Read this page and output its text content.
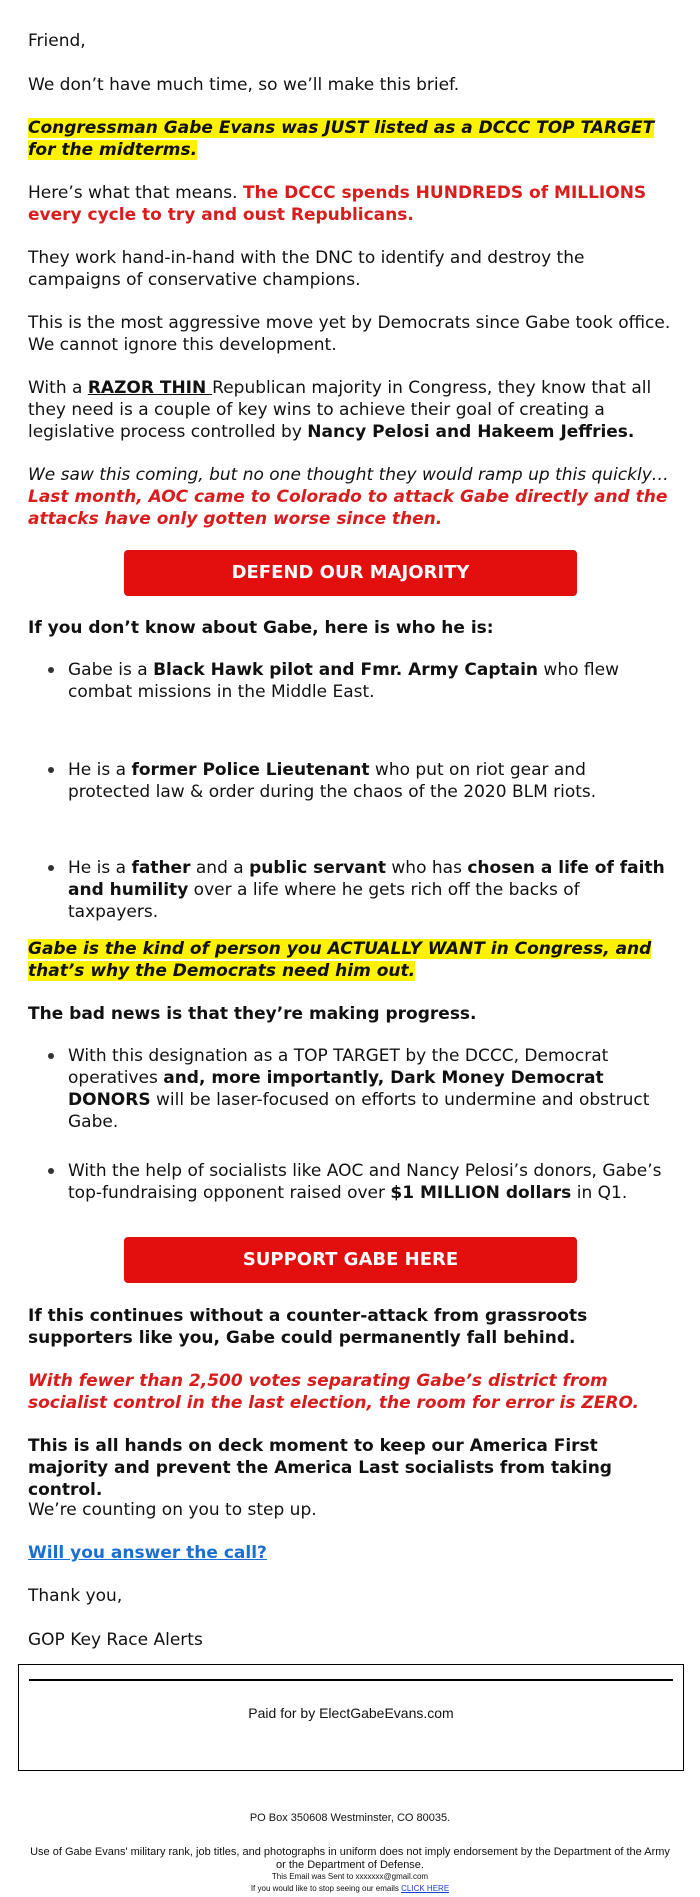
Friend,

We don’t have much time, so we’ll make this brief.

Congressman Gabe Evans was JUST listed as a DCCC TOP TARGET for the midterms.

Here’s what that means. The DCCC spends HUNDREDS of MILLIONS every cycle to try and oust Republicans.

They work hand-in-hand with the DNC to identify and destroy the campaigns of conservative champions.

This is the most aggressive move yet by Democrats since Gabe took office. We cannot ignore this development.

With a RAZOR THIN Republican majority in Congress, they know that all they need is a couple of key wins to achieve their goal of creating a legislative process controlled by Nancy Pelosi and Hakeem Jeffries.

We saw this coming, but no one thought they would ramp up this quickly… Last month, AOC came to Colorado to attack Gabe directly and the attacks have only gotten worse since then.

DEFEND OUR MAJORITY

If you don’t know about Gabe, here is who he is:

Gabe is a Black Hawk pilot and Fmr. Army Captain who flew combat missions in the Middle East.
He is a former Police Lieutenant who put on riot gear and protected law & order during the chaos of the 2020 BLM riots.
He is a father and a public servant who has chosen a life of faith and humility over a life where he gets rich off the backs of taxpayers.

Gabe is the kind of person you ACTUALLY WANT in Congress, and that’s why the Democrats need him out.

The bad news is that they’re making progress.

With this designation as a TOP TARGET by the DCCC, Democrat operatives and, more importantly, Dark Money Democrat DONORS will be laser-focused on efforts to undermine and obstruct Gabe.
With the help of socialists like AOC and Nancy Pelosi’s donors, Gabe’s top-fundraising opponent raised over $1 MILLION dollars in Q1.
SUPPORT GABE HERE

If this continues without a counter-attack from grassroots supporters like you, Gabe could permanently fall behind.

With fewer than 2,500 votes separating Gabe’s district from socialist control in the last election, the room for error is ZERO.

This is all hands on deck moment to keep our America First majority and prevent the America Last socialists from taking control.

We’re counting on you to step up.

Will you answer the call?

Thank you,

GOP Key Race Alerts

Paid for by ElectGabeEvans.com
PO Box 350608 Westminster, CO 80035.
Use of Gabe Evans' military rank, job titles, and photographs in uniform does not imply endorsement by the Department of the Army or the Department of Defense.
This Email was Sent to xxxxxxx@gmail.com
If you would like to stop seeing our emails CLICK HERE
